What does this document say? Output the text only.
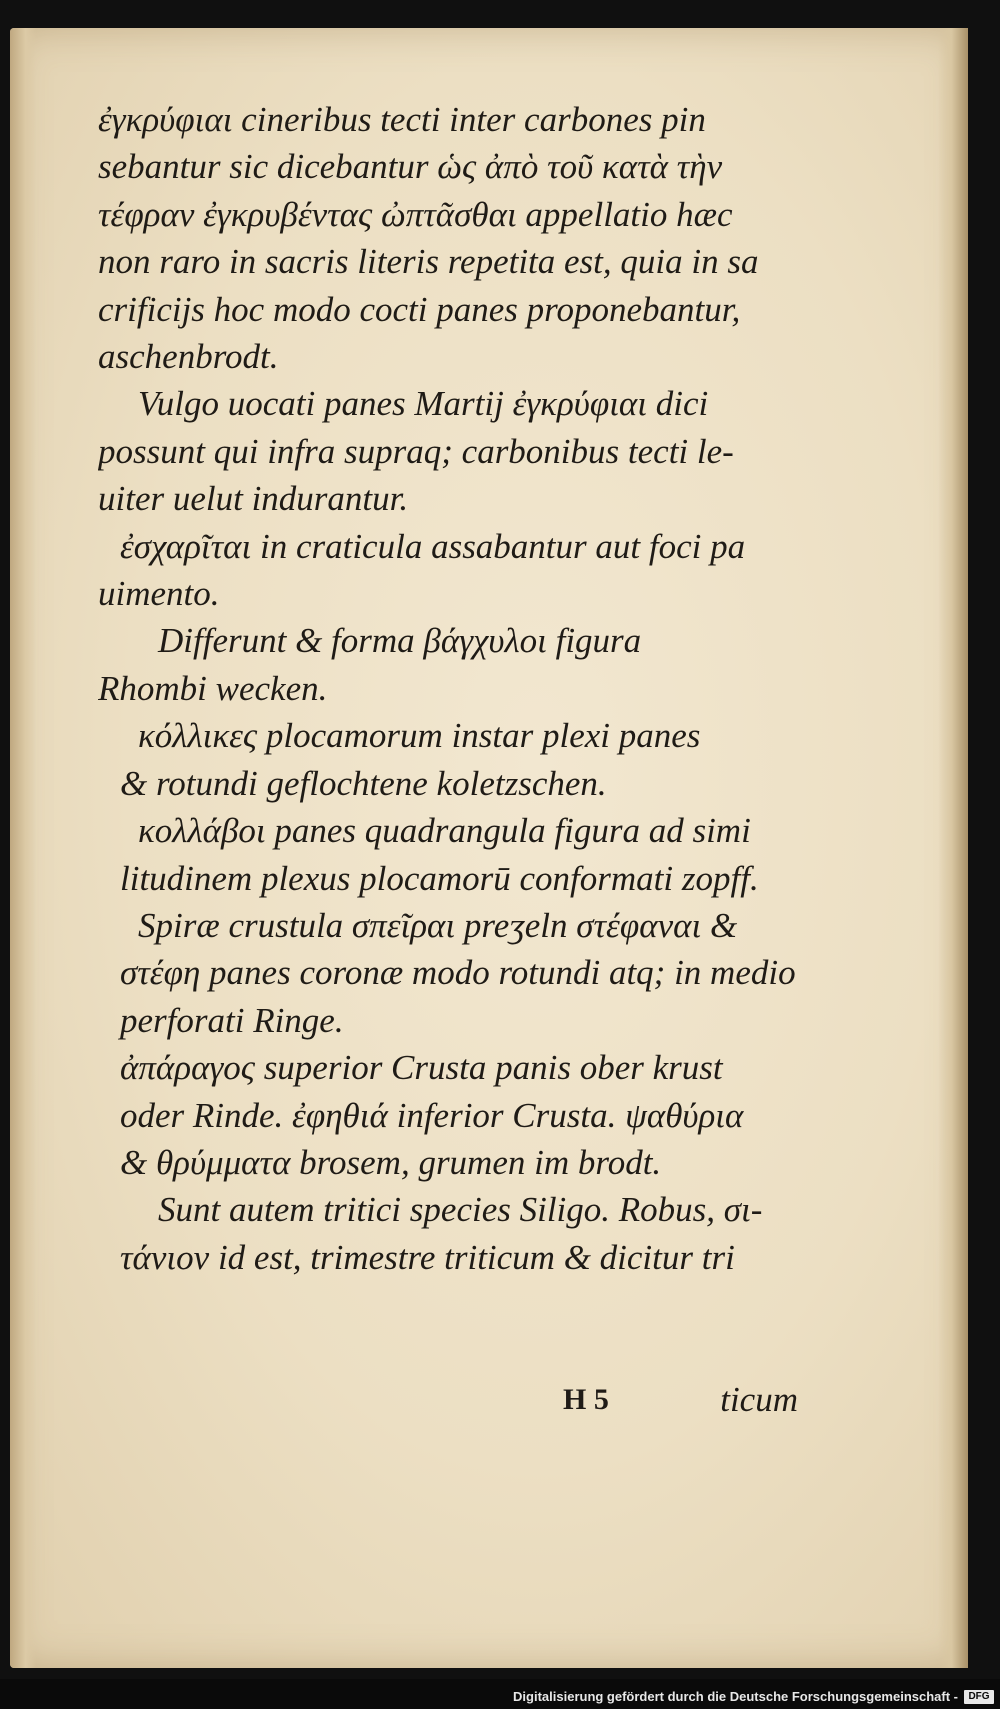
ἐγκρύφιαι cineribus tecti inter carbones pin
sebantur sic dicebantur ὡς ἀπὸ τοῦ κατὰ τὴν
τέφραν ἐγκρυβέντας ὠπτᾶσθαι appellatio hæc
non raro in sacris literis repetita est, quia in sa
crificijs hoc modo cocti panes proponebantur,
aschenbrodt.
Vulgo uocati panes Martij ἐγκρύφιαι dici
possunt qui infra supraq; carbonibus tecti le-
uiter uelut indurantur.
ἐσχαρῖται in craticula assabantur aut foci pa
uimento.
Differunt & forma βάγχυλοι figura
Rhombi wecken.
κόλλικες plocamorum instar plexi panes
& rotundi geflochtene koletzschen.
κολλάβοι panes quadrangula figura ad simi
litudinem plexus plocamorū conformati zopff.
Spiræ crustula σπεῖραι preʒeln στέφαναι &
στέφη panes coronæ modo rotundi atq; in medio
perforati Ringe.
ἀπάραγος superior Crusta panis ober krust
oder Rinde. ἐφηθιά inferior Crusta. ψαθύρια
& θρύμματα brosem, grumen im brodt.
Sunt autem tritici species Siligo. Robus, σι-
τάνιον id est, trimestre triticum & dicitur tri
H 5	ticum
Digitalisierung gefördert durch die Deutsche Forschungsgemeinschaft -	DFG
